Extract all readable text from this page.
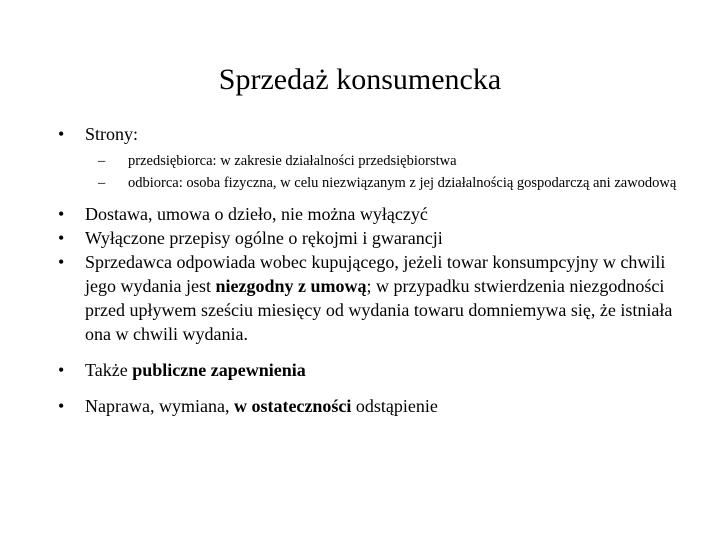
Sprzedaż konsumencka
• Strony:
– przedsiębiorca: w zakresie działalności przedsiębiorstwa
– odbiorca: osoba fizyczna, w celu niezwiązanym z jej działalnością gospodarczą ani zawodową
• Dostawa, umowa o dzieło, nie można wyłączyć
• Wyłączone przepisy ogólne o rękojmi i gwarancji
• Sprzedawca odpowiada wobec kupującego, jeżeli towar konsumpcyjny w chwili jego wydania jest niezgodny z umową; w przypadku stwierdzenia niezgodności przed upływem sześciu miesięcy od wydania towaru domniemywa się, że istniała ona w chwili wydania.
• Także publiczne zapewnienia
• Naprawa, wymiana, w ostateczności odstąpienie
